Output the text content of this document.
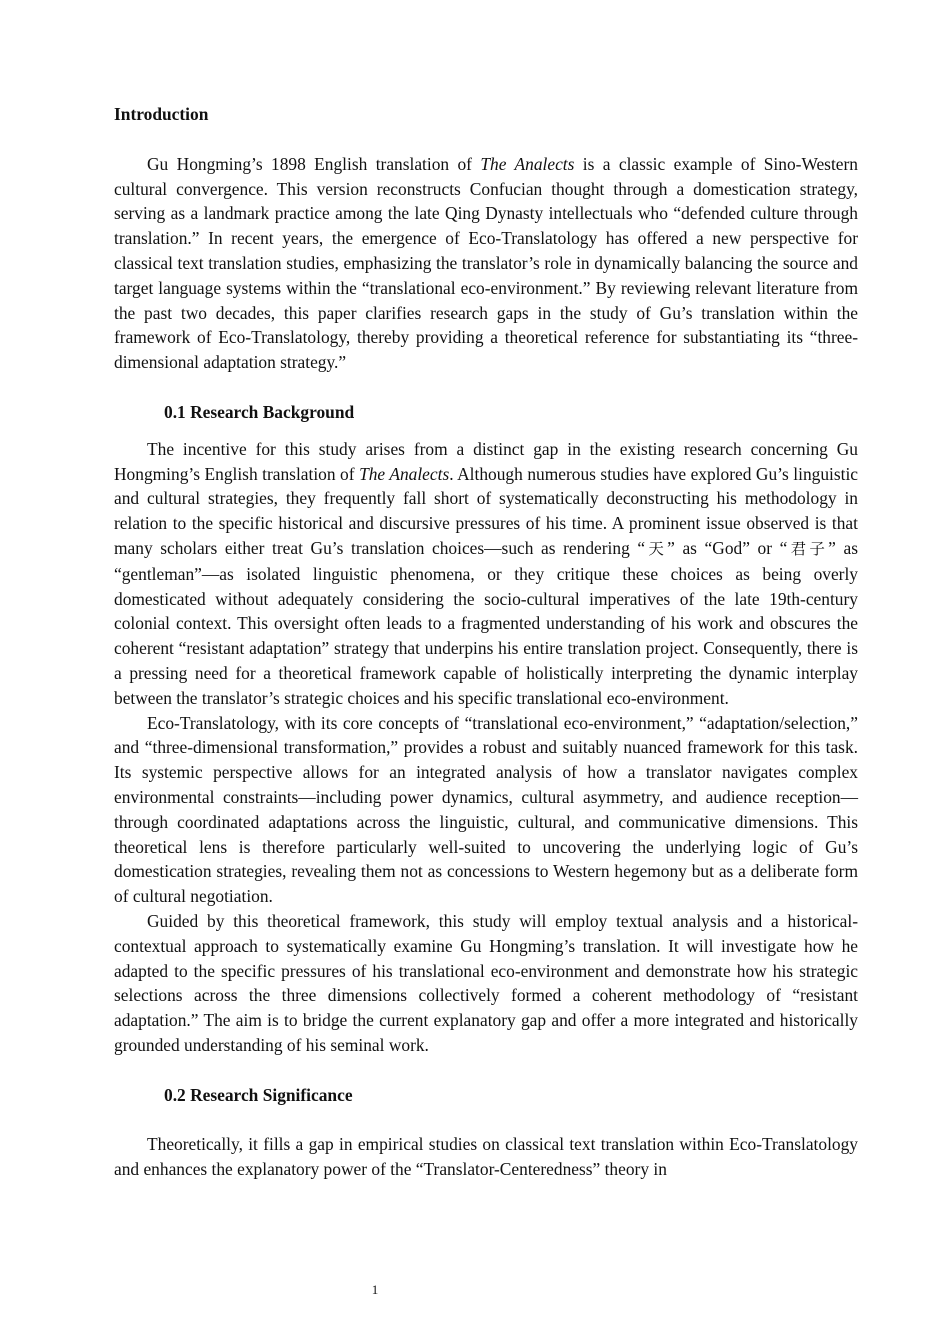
Introduction

Gu Hongming’s 1898 English translation of The Analects is a classic example of Sino-Western cultural convergence. This version reconstructs Confucian thought through a domestication strategy, serving as a landmark practice among the late Qing Dynasty intellectuals who “defended culture through translation.” In recent years, the emergence of Eco-Translatology has offered a new perspective for classical text translation studies, emphasizing the translator’s role in dynamically balancing the source and target language systems within the “translational eco-environment.” By reviewing relevant literature from the past two decades, this paper clarifies research gaps in the study of Gu’s translation within the framework of Eco-Translatology, thereby providing a theoretical reference for substantiating its “three-dimensional adaptation strategy.”

0.1 Research Background

The incentive for this study arises from a distinct gap in the existing research concerning Gu Hongming’s English translation of The Analects. Although numerous studies have explored Gu’s linguistic and cultural strategies, they frequently fall short of systematically deconstructing his methodology in relation to the specific historical and discursive pressures of his time. A prominent issue observed is that many scholars either treat Gu’s translation choices—such as rendering “天” as “God” or “君子” as “gentleman”—as isolated linguistic phenomena, or they critique these choices as being overly domesticated without adequately considering the socio-cultural imperatives of the late 19th-century colonial context. This oversight often leads to a fragmented understanding of his work and obscures the coherent “resistant adaptation” strategy that underpins his entire translation project. Consequently, there is a pressing need for a theoretical framework capable of holistically interpreting the dynamic interplay between the translator’s strategic choices and his specific translational eco-environment.

Eco-Translatology, with its core concepts of “translational eco-environment,” “adaptation/selection,” and “three-dimensional transformation,” provides a robust and suitably nuanced framework for this task. Its systemic perspective allows for an integrated analysis of how a translator navigates complex environmental constraints—including power dynamics, cultural asymmetry, and audience reception—through coordinated adaptations across the linguistic, cultural, and communicative dimensions. This theoretical lens is therefore particularly well-suited to uncovering the underlying logic of Gu’s domestication strategies, revealing them not as concessions to Western hegemony but as a deliberate form of cultural negotiation.

Guided by this theoretical framework, this study will employ textual analysis and a historical-contextual approach to systematically examine Gu Hongming’s translation. It will investigate how he adapted to the specific pressures of his translational eco-environment and demonstrate how his strategic selections across the three dimensions collectively formed a coherent methodology of “resistant adaptation.” The aim is to bridge the current explanatory gap and offer a more integrated and historically grounded understanding of his seminal work.

0.2 Research Significance

Theoretically, it fills a gap in empirical studies on classical text translation within Eco-Translatology and enhances the explanatory power of the “Translator-Centeredness” theory in

1
